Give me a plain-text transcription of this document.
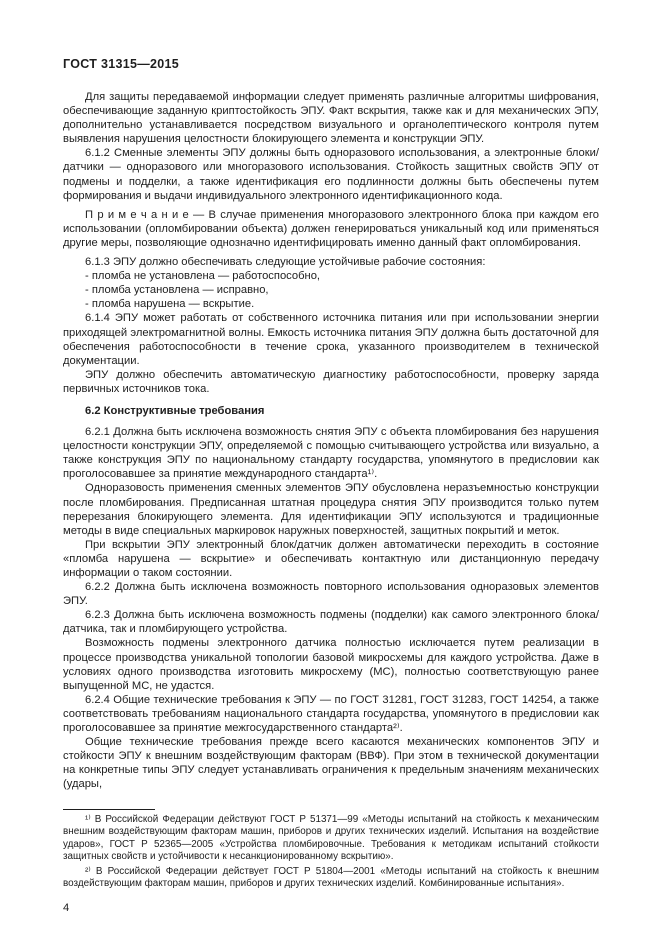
ГОСТ 31315—2015

Для защиты передаваемой информации следует применять различные алгоритмы шифрования, обеспечивающие заданную криптостойкость ЭПУ. Факт вскрытия, также как и для механических ЭПУ, дополнительно устанавливается посредством визуального и органолептического контроля путем выявления нарушения целостности блокирующего элемента и конструкции ЭПУ.

6.1.2 Сменные элементы ЭПУ должны быть одноразового использования, а электронные блоки/датчики — одноразового или многоразового использования. Стойкость защитных свойств ЭПУ от подмены и подделки, а также идентификация его подлинности должны быть обеспечены путем формирования и выдачи индивидуального электронного идентификационного кода.

П р и м е ч а н и е — В случае применения многоразового электронного блока при каждом его использовании (опломбировании объекта) должен генерироваться уникальный код или применяться другие меры, позволяющие однозначно идентифицировать именно данный факт опломбирования.

6.1.3 ЭПУ должно обеспечивать следующие устойчивые рабочие состояния:

- пломба не установлена — работоспособно,

- пломба установлена — исправно,

- пломба нарушена — вскрытие.

6.1.4 ЭПУ может работать от собственного источника питания или при использовании энергии приходящей электромагнитной волны. Емкость источника питания ЭПУ должна быть достаточной для обеспечения работоспособности в течение срока, указанного производителем в технической документации.

ЭПУ должно обеспечить автоматическую диагностику работоспособности, проверку заряда первичных источников тока.

6.2 Конструктивные требования

6.2.1 Должна быть исключена возможность снятия ЭПУ с объекта пломбирования без нарушения целостности конструкции ЭПУ, определяемой с помощью считывающего устройства или визуально, а также конструкция ЭПУ по национальному стандарту государства, упомянутого в предисловии как проголосовавшее за принятие международного стандарта¹⁾.

Одноразовость применения сменных элементов ЭПУ обусловлена неразъемностью конструкции после пломбирования. Предписанная штатная процедура снятия ЭПУ производится только путем перерезания блокирующего элемента. Для идентификации ЭПУ используются и традиционные методы в виде специальных маркировок наружных поверхностей, защитных покрытий и меток.

При вскрытии ЭПУ электронный блок/датчик должен автоматически переходить в состояние «пломба нарушена — вскрытие» и обеспечивать контактную или дистанционную передачу информации о таком состоянии.

6.2.2 Должна быть исключена возможность повторного использования одноразовых элементов ЭПУ.

6.2.3 Должна быть исключена возможность подмены (подделки) как самого электронного блока/датчика, так и пломбирующего устройства.

Возможность подмены электронного датчика полностью исключается путем реализации в процессе производства уникальной топологии базовой микросхемы для каждого устройства. Даже в условиях одного производства изготовить микросхему (МС), полностью соответствующую ранее выпущенной МС, не удастся.

6.2.4 Общие технические требования к ЭПУ — по ГОСТ 31281, ГОСТ 31283, ГОСТ 14254, а также соответствовать требованиям национального стандарта государства, упомянутого в предисловии как проголосовавшее за принятие межгосударственного стандарта²⁾.

Общие технические требования прежде всего касаются механических компонентов ЭПУ и стойкости ЭПУ к внешним воздействующим факторам (ВВФ). При этом в технической документации на конкретные типы ЭПУ следует устанавливать ограничения к предельным значениям механических (удары,

¹⁾ В Российской Федерации действуют ГОСТ Р 51371—99 «Методы испытаний на стойкость к механическим внешним воздействующим факторам машин, приборов и других технических изделий. Испытания на воздействие ударов», ГОСТ Р 52365—2005 «Устройства пломбировочные. Требования к методикам испытаний стойкости защитных свойств и устойчивости к несанкционированному вскрытию».

²⁾ В Российской Федерации действует ГОСТ Р 51804—2001 «Методы испытаний на стойкость к внешним воздействующим факторам машин, приборов и других технических изделий. Комбинированные испытания».

4
